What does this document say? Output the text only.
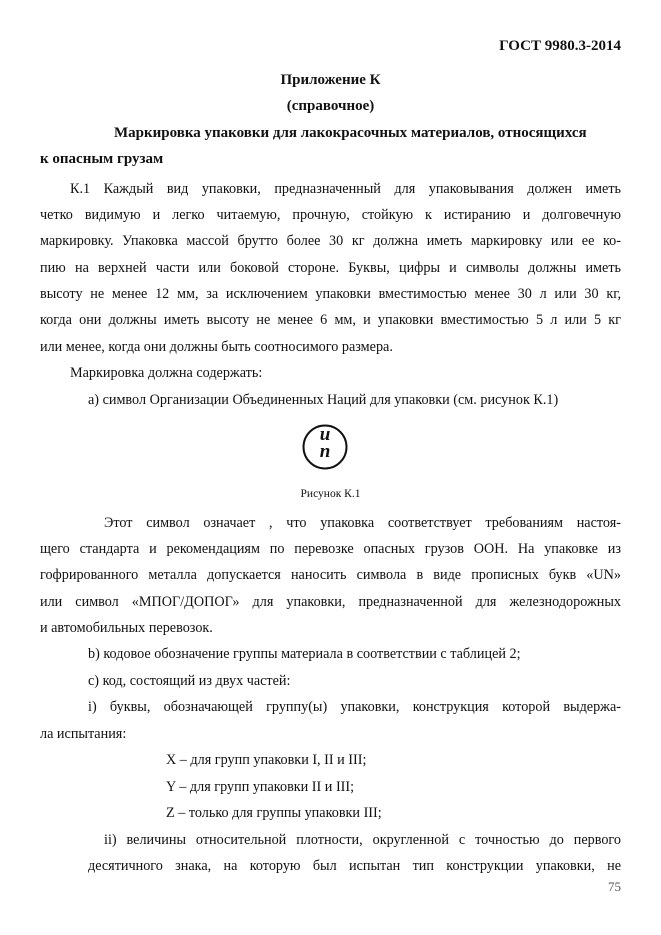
ГОСТ 9980.3-2014
Приложение К
(справочное)
Маркировка упаковки для лакокрасочных материалов, относящихся
к опасным грузам
К.1 Каждый вид упаковки, предназначенный для упаковывания должен иметь
четко видимую и легко читаемую, прочную, стойкую к истиранию и долговечную
маркировку. Упаковка массой брутто более 30 кг должна иметь маркировку или ее ко-
пию на верхней части или боковой стороне. Буквы, цифры и символы должны иметь
высоту не менее 12 мм, за исключением упаковки вместимостью менее 30 л или 30 кг,
когда они должны иметь высоту не менее 6 мм, и упаковки вместимостью 5 л или 5 кг
или менее, когда они должны быть соотносимого размера.
Маркировка должна содержать:
а) символ Организации Объединенных Наций для упаковки (см. рисунок К.1)
u
n
Рисунок К.1
Этот символ означает , что упаковка соответствует требованиям настоя-
щего стандарта и рекомендациям по перевозке опасных грузов ООН. На упаковке из
гофрированного металла допускается наносить символа в виде прописных букв «UN»
или символ «МПОГ/ДОПОГ» для упаковки, предназначенной для железнодорожных
и автомобильных перевозок.
b) кодовое обозначение группы материала в соответствии с таблицей 2;
с) код, состоящий из двух частей:
i) буквы, обозначающей группу(ы) упаковки, конструкция которой выдержа-
ла испытания:
X – для групп упаковки I, II и III;
Y – для групп упаковки II и III;
Z – только для группы упаковки III;
ii) величины относительной плотности, округленной с точностью до первого
десятичного знака, на которую был испытан тип конструкции упаковки, не
75
